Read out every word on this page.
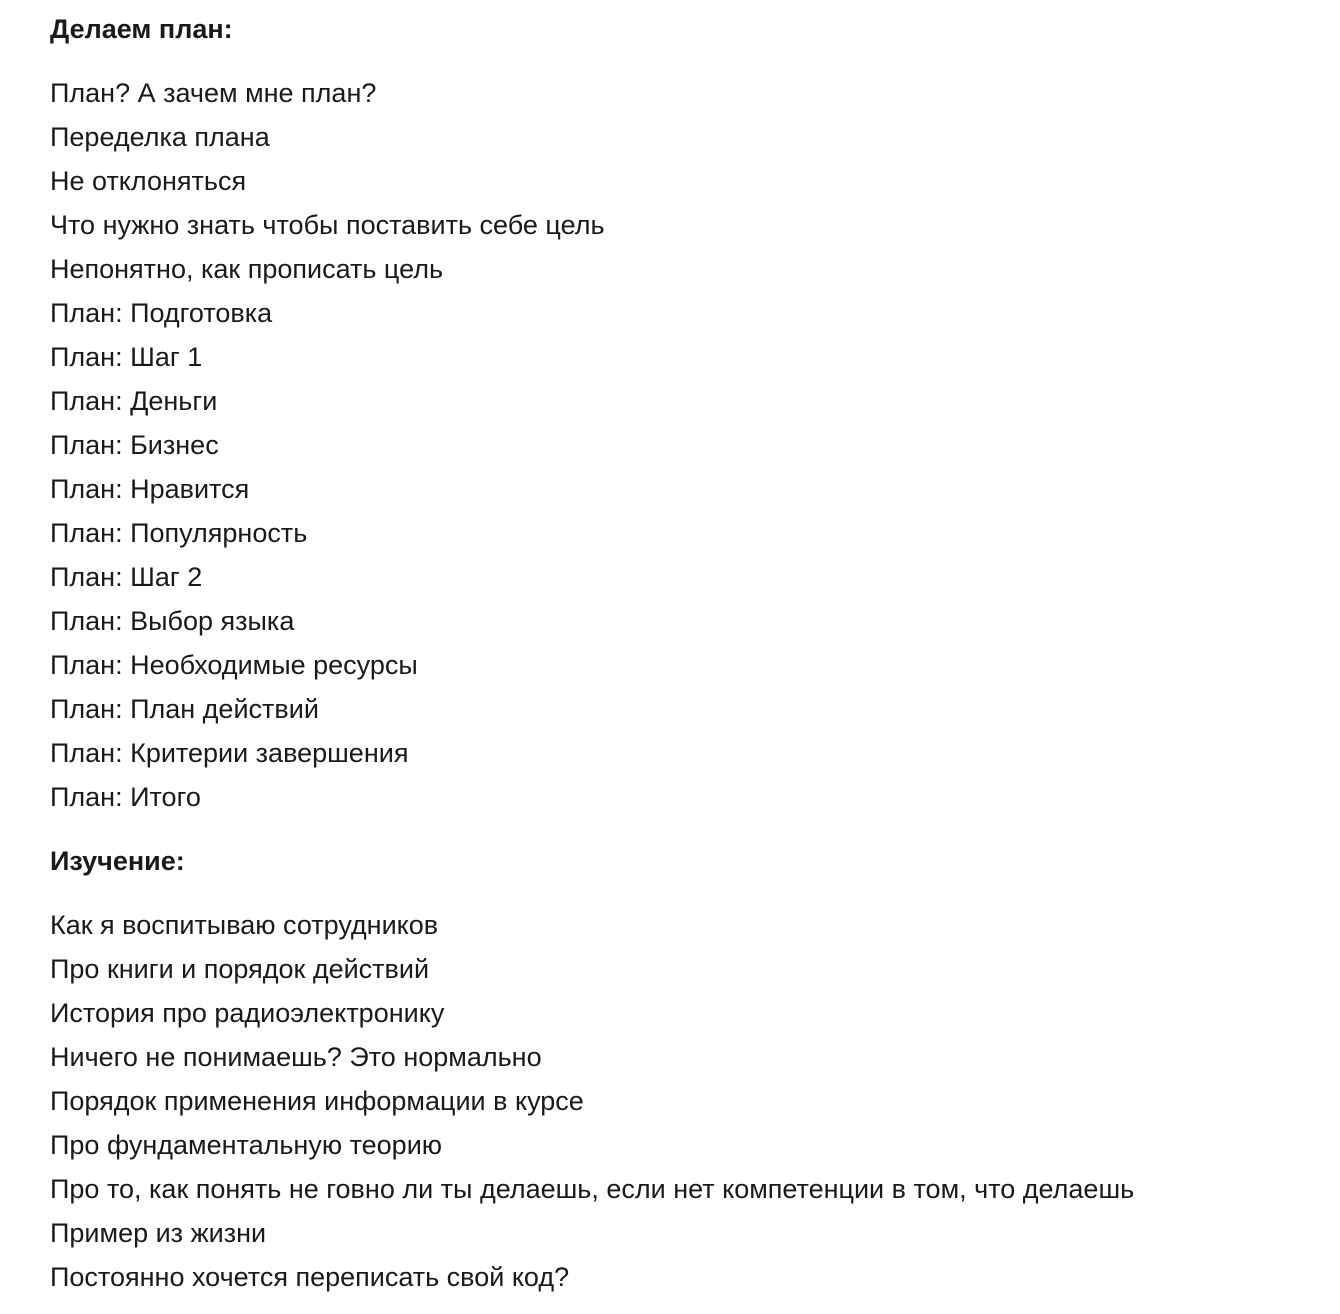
Делаем план:
План? А зачем мне план?
Переделка плана
Не отклоняться
Что нужно знать чтобы поставить себе цель
Непонятно, как прописать цель
План: Подготовка
План: Шаг 1
План: Деньги
План: Бизнес
План: Нравится
План: Популярность
План: Шаг 2
План: Выбор языка
План: Необходимые ресурсы
План: План действий
План: Критерии завершения
План: Итого
Изучение:
Как я воспитываю сотрудников
Про книги и порядок действий
История про радиоэлектронику
Ничего не понимаешь? Это нормально
Порядок применения информации в курсе
Про фундаментальную теорию
Про то, как понять не говно ли ты делаешь, если нет компетенции в том, что делаешь
Пример из жизни
Постоянно хочется переписать свой код?
